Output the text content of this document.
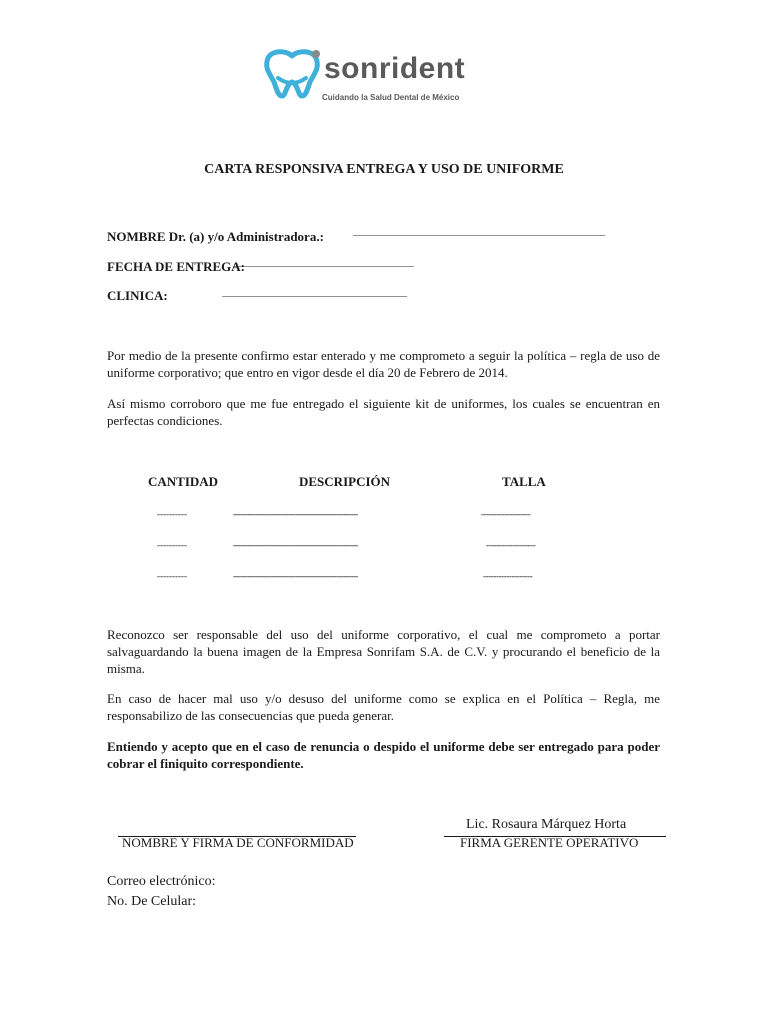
sonrident
Cuidando la Salud Dental de México
CARTA RESPONSIVA ENTREGA Y USO DE UNIFORME
NOMBRE Dr. (a) y/o Administradora.:	____________________________________________________________
FECHA DE ENTREGA:
___________________________________________
CLINICA:	____________________________________________
Por medio de la presente confirmo estar enterado y me comprometo a seguir la política – regla de uso de uniforme corporativo; que entro en vigor desde el día 20 de Febrero de 2014.
Así mismo corroboro que me fue entregado el siguiente kit de uniformes, los cuales se encuentran en perfectas condiciones.
CANTIDAD	DESCRIPCIÓN	TALLA
----------	----------------------------------------------------	-------------------
----------	----------------------------------------------------	-------------------
----------	----------------------------------------------------	-------------------
Reconozco ser responsable del uso del uniforme corporativo, el cual me comprometo a portar salvaguardando la buena imagen de la Empresa Sonrifam S.A. de C.V. y procurando el beneficio de la misma.
En caso de hacer mal uso y/o desuso del uniforme como se explica en el Política – Regla, me responsabilizo de las consecuencias que pueda generar.
Entiendo y acepto que en el caso de renuncia o despido el uniforme debe ser entregado para poder cobrar el finiquito correspondiente.
Lic. Rosaura Márquez Horta
NOMBRE Y FIRMA DE CONFORMIDAD	FIRMA GERENTE OPERATIVO
Correo electrónico:
No. De Celular:
